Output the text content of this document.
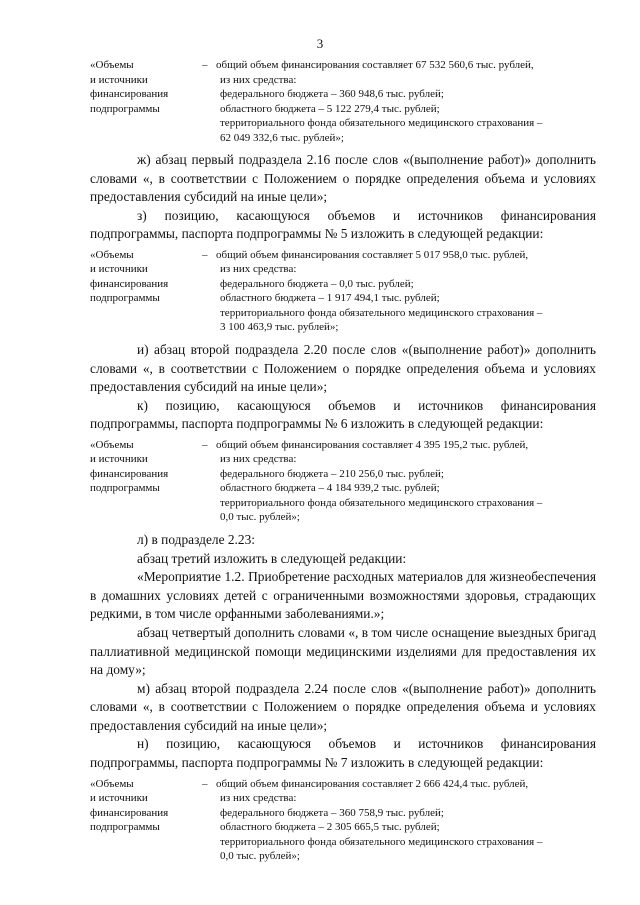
3
«Объемы
и источники
финансирования
подпрограммы
– общий объем финансирования составляет 67 532 560,6 тыс. рублей,
из них средства:
федерального бюджета – 360 948,6 тыс. рублей;
областного бюджета – 5 122 279,4 тыс. рублей;
территориального фонда обязательного медицинского страхования –
62 049 332,6 тыс. рублей»;

ж) абзац первый подраздела 2.16 после слов «(выполнение работ)» дополнить словами «, в соответствии с Положением о порядке определения объема и условиях предоставления субсидий на иные цели»;

з) позицию, касающуюся объемов и источников финансирования подпрограммы, паспорта подпрограммы № 5 изложить в следующей редакции:

«Объемы
и источники
финансирования
подпрограммы
– общий объем финансирования составляет 5 017 958,0 тыс. рублей,
из них средства:
федерального бюджета – 0,0 тыс. рублей;
областного бюджета – 1 917 494,1 тыс. рублей;
территориального фонда обязательного медицинского страхования –
3 100 463,9 тыс. рублей»;

и) абзац второй подраздела 2.20 после слов «(выполнение работ)» дополнить словами «, в соответствии с Положением о порядке определения объема и условиях предоставления субсидий на иные цели»;

к) позицию, касающуюся объемов и источников финансирования подпрограммы, паспорта подпрограммы № 6 изложить в следующей редакции:

«Объемы
и источники
финансирования
подпрограммы
– общий объем финансирования составляет 4 395 195,2 тыс. рублей,
из них средства:
федерального бюджета – 210 256,0 тыс. рублей;
областного бюджета – 4 184 939,2 тыс. рублей;
территориального фонда обязательного медицинского страхования –
0,0 тыс. рублей»;

л) в подразделе 2.23:

абзац третий изложить в следующей редакции:

«Мероприятие 1.2. Приобретение расходных материалов для жизнеобеспечения в домашних условиях детей с ограниченными возможностями здоровья, страдающих редкими, в том числе орфанными заболеваниями.»;

абзац четвертый дополнить словами «, в том числе оснащение выездных бригад паллиативной медицинской помощи медицинскими изделиями для предоставления их на дому»;

м) абзац второй подраздела 2.24 после слов «(выполнение работ)» дополнить словами «, в соответствии с Положением о порядке определения объема и условиях предоставления субсидий на иные цели»;

н) позицию, касающуюся объемов и источников финансирования подпрограммы, паспорта подпрограммы № 7 изложить в следующей редакции:

«Объемы
и источники
финансирования
подпрограммы
– общий объем финансирования составляет 2 666 424,4 тыс. рублей,
из них средства:
федерального бюджета – 360 758,9 тыс. рублей;
областного бюджета – 2 305 665,5 тыс. рублей;
территориального фонда обязательного медицинского страхования –
0,0 тыс. рублей»;
